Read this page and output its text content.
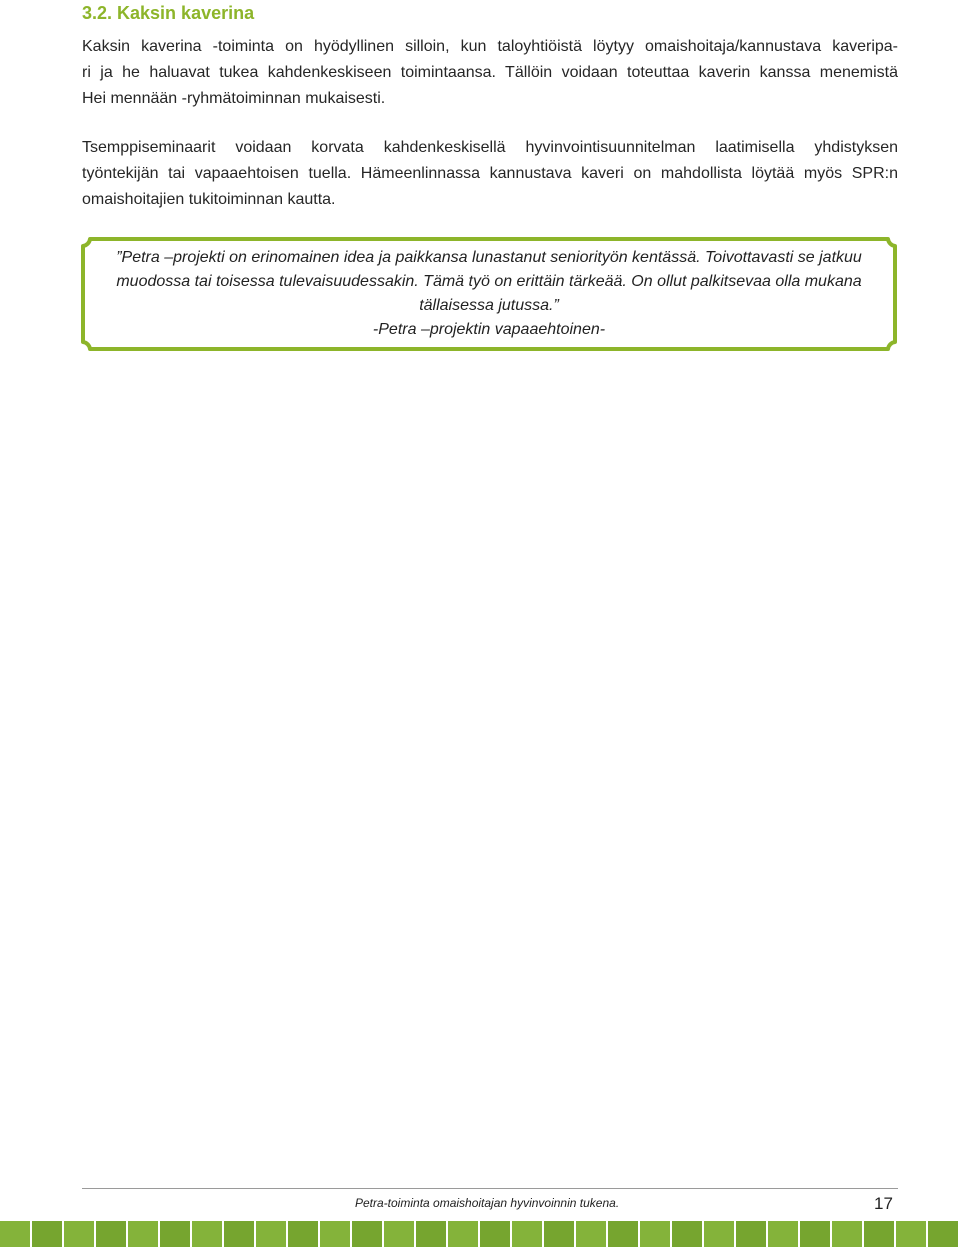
3.2. Kaksin kaverina

Kaksin kaverina -toiminta on hyödyllinen silloin, kun taloyhtiöistä löytyy omaishoitaja/kannustava kaveripa-
ri ja he haluavat tukea kahdenkeskiseen toimintaansa. Tällöin voidaan toteuttaa kaverin kanssa menemistä
Hei mennään -ryhmätoiminnan mukaisesti.

Tsemppiseminaarit voidaan korvata kahdenkeskisellä hyvinvointisuunnitelman laatimisella yhdistyksen
työntekijän tai vapaaehtoisen tuella. Hämeenlinnassa kannustava kaveri on mahdollista löytää myös SPR:n
omaishoitajien tukitoiminnan kautta.

”Petra –projekti on erinomainen idea ja paikkansa lunastanut seniorityön kentässä. Toivottavasti se jatkuu
muodossa tai toisessa tulevaisuudessakin. Tämä työ on erittäin tärkeää. On ollut palkitsevaa olla mukana
tällaisessa jutussa.”
-Petra –projektin vapaaehtoinen-
Petra-toiminta omaishoitajan hyvinvoinnin tukena.	17
